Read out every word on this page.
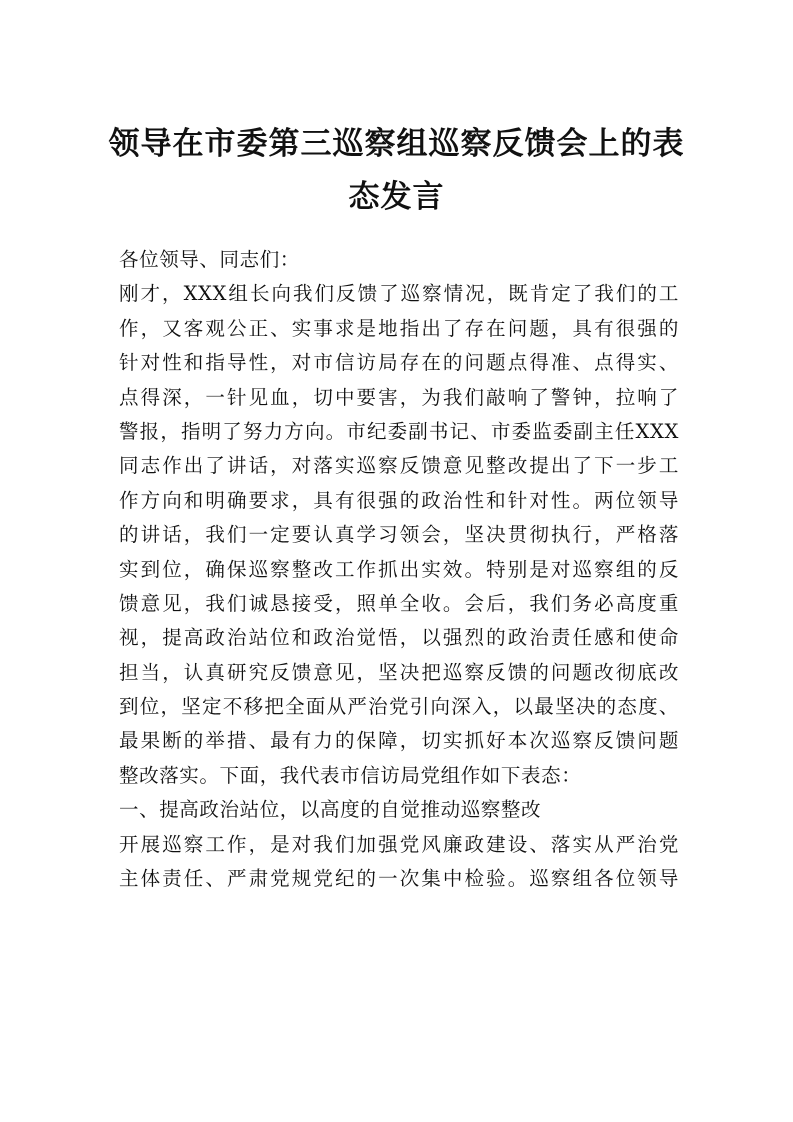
领导在市委第三巡察组巡察反馈会上的表
态发言
各位领导、同志们：
刚才，XXX组长向我们反馈了巡察情况，既肯定了我们的工
作，又客观公正、实事求是地指出了存在问题，具有很强的
针对性和指导性，对市信访局存在的问题点得准、点得实、
点得深，一针见血，切中要害，为我们敲响了警钟，拉响了
警报，指明了努力方向。市纪委副书记、市委监委副主任XXX
同志作出了讲话，对落实巡察反馈意见整改提出了下一步工
作方向和明确要求，具有很强的政治性和针对性。两位领导
的讲话，我们一定要认真学习领会，坚决贯彻执行，严格落
实到位，确保巡察整改工作抓出实效。特别是对巡察组的反
馈意见，我们诚恳接受，照单全收。会后，我们务必高度重
视，提高政治站位和政治觉悟，以强烈的政治责任感和使命
担当，认真研究反馈意见，坚决把巡察反馈的问题改彻底改
到位，坚定不移把全面从严治党引向深入，以最坚决的态度、
最果断的举措、最有力的保障，切实抓好本次巡察反馈问题
整改落实。下面，我代表市信访局党组作如下表态：
一、提高政治站位，以高度的自觉推动巡察整改
开展巡察工作，是对我们加强党风廉政建设、落实从严治党
主体责任、严肃党规党纪的一次集中检验。巡察组各位领导
